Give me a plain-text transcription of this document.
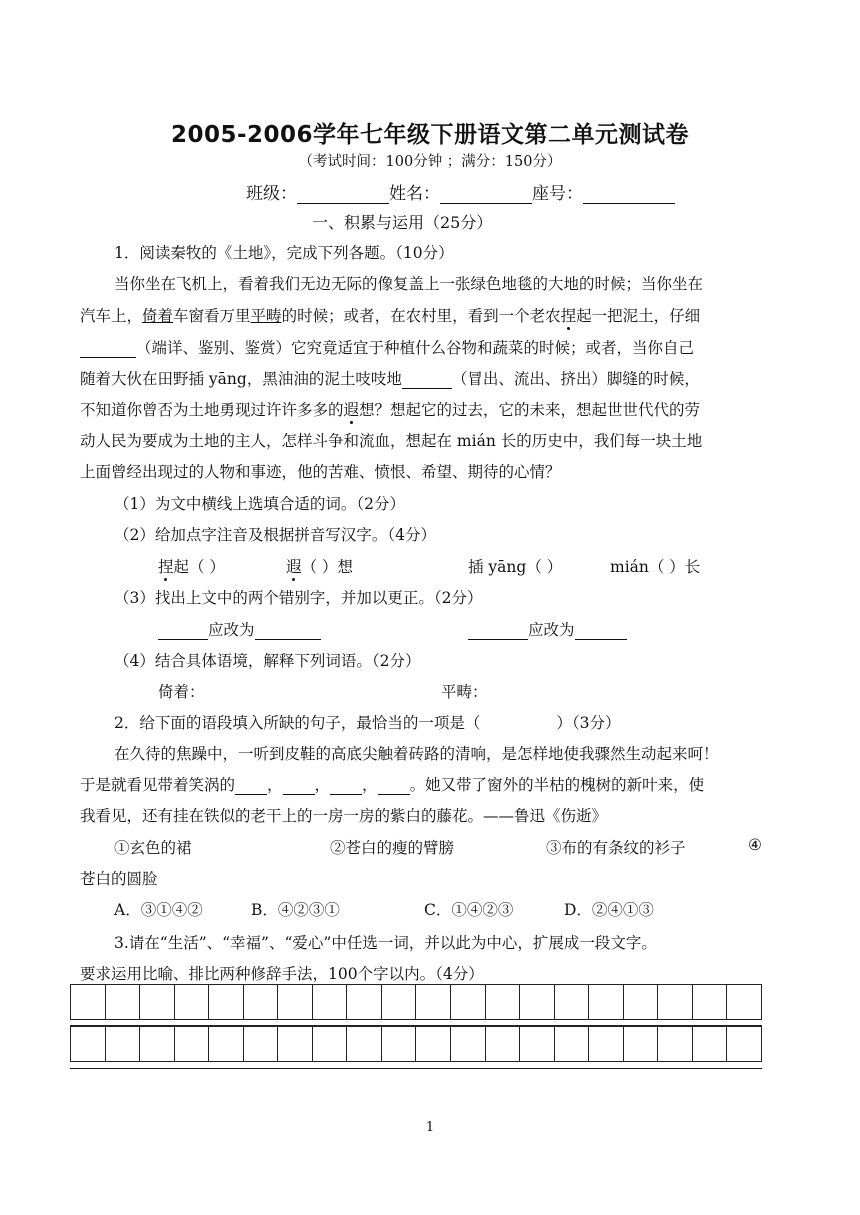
2005-2006学年七年级下册语文第二单元测试卷
（考试时间：100分钟 ；满分：150分）
班级：	姓名：	座号：
一、积累与运用（25分）
1．阅读秦牧的《土地》，完成下列各题。（10分）
当你坐在飞机上，看着我们无边无际的像复盖上一张绿色地毯的大地的时候；当你坐在
汽车上，倚着车窗看万里平畴的时候；或者，在农村里，看到一个老农捏起一把泥土，仔细
（端详、鉴别、鉴赏）它究竟适宜于种植什么谷物和蔬菜的时候；或者，当你自己
随着大伙在田野插 yāng，黑油油的泥土吱吱地	（冒出、流出、挤出）脚缝的时候，
不知道你曾否为土地勇现过许许多多的遐想？想起它的过去，它的未来，想起世世代代的劳
动人民为要成为土地的主人，怎样斗争和流血，想起在 mián 长的历史中，我们每一块土地
上面曾经出现过的人物和事迹，他的苦难、愤恨、希望、期待的心情？
（1）为文中横线上选填合适的词。（2分）
（2）给加点字注音及根据拼音写汉字。（4分）
捏起（ ）	遐（ ）想	插 yāng（ ）	mián（ ）长
（3）找出上文中的两个错别字，并加以更正。（2分）
应改为	应改为
（4）结合具体语境，解释下列词语。（2分）
倚着：	平畴：
2．给下面的语段填入所缺的句子，最恰当的一项是（	）（3分）
在久待的焦躁中，一听到皮鞋的高底尖触着砖路的清响，是怎样地使我骤然生动起来呵！
于是就看见带着笑涡的 ， ， ， 。她又带了窗外的半枯的槐树的新叶来，使
我看见，还有挂在铁似的老干上的一房一房的紫白的藤花。——鲁迅《伤逝》
①玄色的裙	②苍白的瘦的臂膀	③布的有条纹的衫子	④
苍白的圆脸
A．③①④②	B．④②③①	C．①④②③	D．②④①③
3.请在“生活”、“幸福”、“爱心”中任选一词，并以此为中心，扩展成一段文字。
要求运用比喻、排比两种修辞手法，100个字以内。（4分）

1
